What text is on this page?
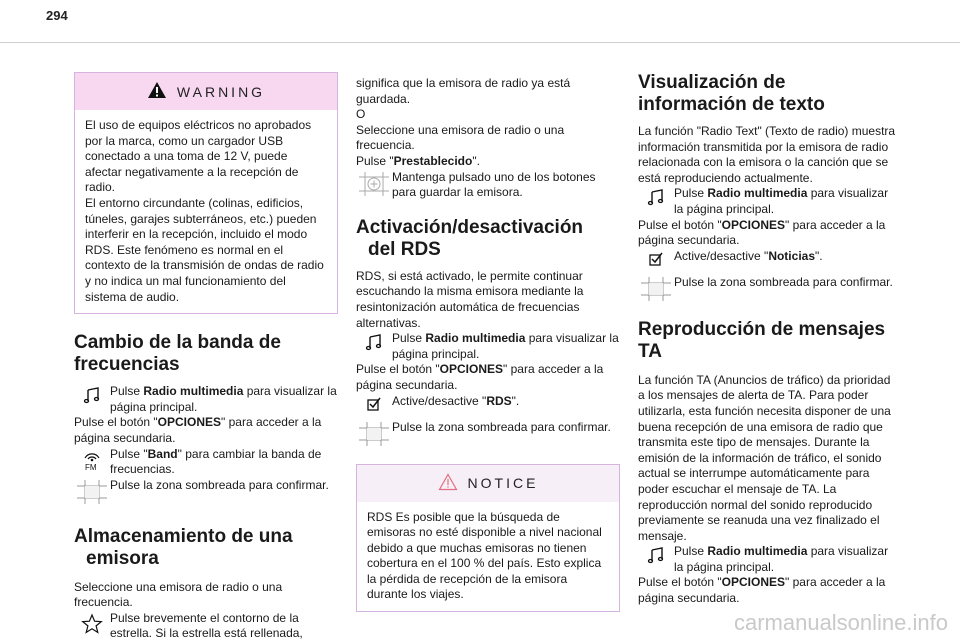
294
WARNING
El uso de equipos eléctricos no aprobados por la marca, como un cargador USB conectado a una toma de 12 V, puede afectar negativamente a la recepción de radio.
El entorno circundante (colinas, edificios, túneles, garajes subterráneos, etc.) pueden interferir en la recepción, incluido el modo RDS. Este fenómeno es normal en el contexto de la transmisión de ondas de radio y no indica un mal funcionamiento del sistema de audio.
Cambio de la banda de
frecuencias
Pulse Radio multimedia para visualizar la página principal.

Pulse el botón "OPCIONES" para acceder a la página secundaria.

FM
Pulse "Band" para cambiar la banda de frecuencias.
Pulse la zona sombreada para confirmar.
Almacenamiento de una
emisora

Seleccione una emisora de radio o una frecuencia.

Pulse brevemente el contorno de la estrella. Si la estrella está rellenada,

significa que la emisora de radio ya está guardada.

O

Seleccione una emisora de radio o una frecuencia.

Pulse "Prestablecido".

Mantenga pulsado uno de los botones para guardar la emisora.
Activación/desactivación
del RDS

RDS, si está activado, le permite continuar escuchando la misma emisora mediante la resintonización automática de frecuencias alternativas.

Pulse Radio multimedia para visualizar la página principal.

Pulse el botón "OPCIONES" para acceder a la página secundaria.

Active/desactive "RDS".
Pulse la zona sombreada para confirmar.
NOTICE
RDS Es posible que la búsqueda de emisoras no esté disponible a nivel nacional debido a que muchas emisoras no tienen cobertura en el 100 % del país. Esto explica la pérdida de recepción de la emisora durante los viajes.
Visualización de
información de texto

La función "Radio Text" (Texto de radio) muestra información transmitida por la emisora de radio relacionada con la emisora o la canción que se está reproduciendo actualmente.

Pulse Radio multimedia para visualizar la página principal.

Pulse el botón "OPCIONES" para acceder a la página secundaria.

Active/desactive "Noticias".
Pulse la zona sombreada para confirmar.
Reproducción de mensajes
TA

La función TA (Anuncios de tráfico) da prioridad a los mensajes de alerta de TA. Para poder utilizarla, esta función necesita disponer de una buena recepción de una emisora de radio que transmita este tipo de mensajes. Durante la emisión de la información de tráfico, el sonido actual se interrumpe automáticamente para poder escuchar el mensaje de TA. La reproducción normal del sonido reproducido previamente se reanuda una vez finalizado el mensaje.

Pulse Radio multimedia para visualizar la página principal.

Pulse el botón "OPCIONES" para acceder a la página secundaria.

carmanualsonline.info
